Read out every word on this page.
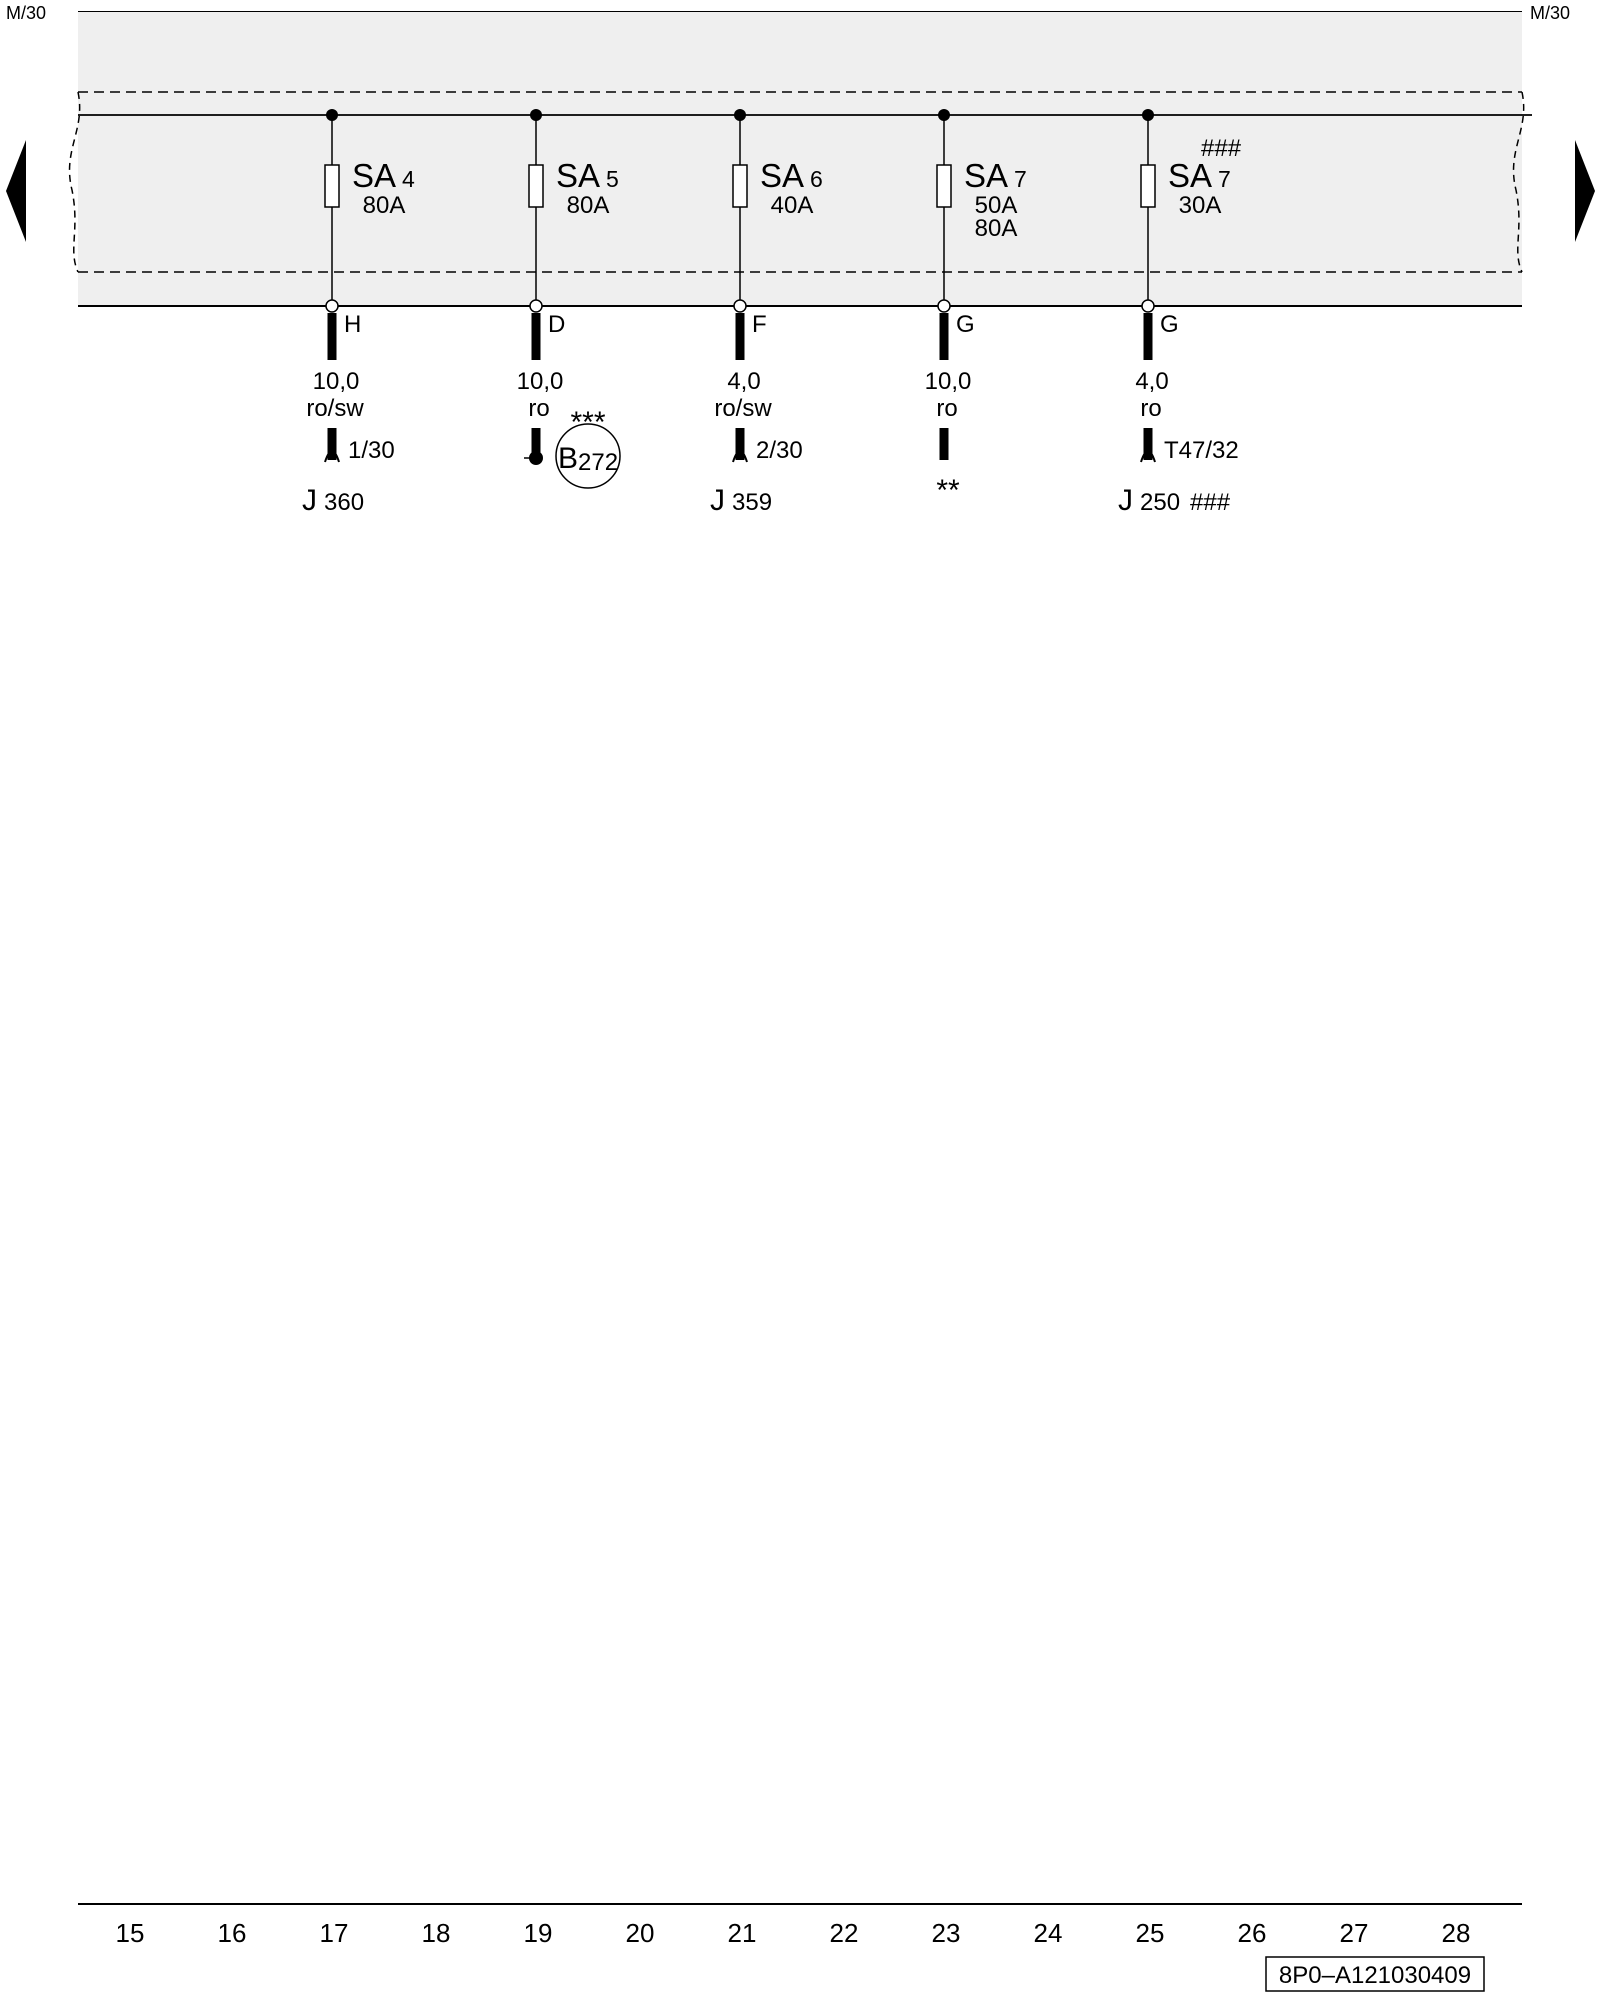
M/30	M/30
SA 4
80A
H
10,0
ro/sw
1/30
J 360
SA 5
80A
D
10,0
ro
B 272
***
SA 6
40A
F
4,0
ro/sw
2/30
J 359
SA 7
50A
80A
G
10,0
ro
**
###
SA 7
30A
G
4,0
ro
T47/32
J 250 ###
15	16	17	18	19	20	21	22	23	24	25	26	27	28
8P0–A121030409
